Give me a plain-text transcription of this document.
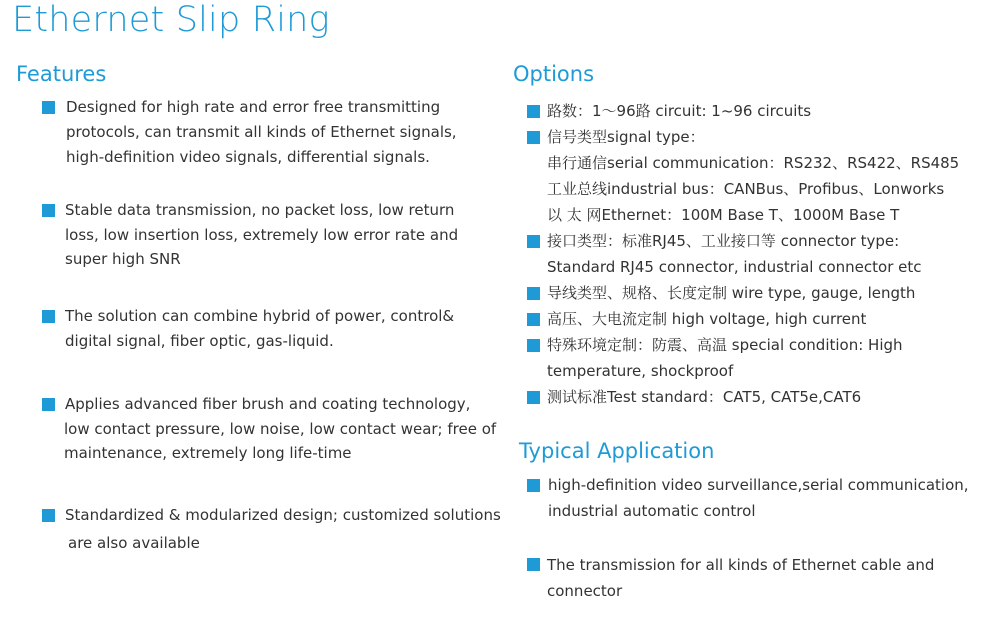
Ethernet Slip Ring
Features
Designed for high rate and error free transmitting
protocols, can transmit all kinds of Ethernet signals,
high-definition video signals, differential signals.
Stable data transmission, no packet loss, low return
loss, low insertion loss, extremely low error rate and
super high SNR
The solution can combine hybrid of power, control&
digital signal, fiber optic, gas-liquid.
Applies advanced fiber brush and coating technology,
low contact pressure, low noise, low contact wear; free of
maintenance, extremely long life-time
Standardized & modularized design; customized solutions
are also available
Options
路数：1～96路 circuit: 1~96 circuits
信号类型signal type：
串行通信serial communication：RS232、RS422、RS485
工业总线industrial bus：CANBus、Profibus、Lonworks
以 太 网Ethernet：100M Base T、1000M Base T
接口类型：标准RJ45、工业接口等 connector type:
Standard RJ45 connector, industrial connector etc
导线类型、规格、长度定制 wire type, gauge, length
高压、大电流定制 high voltage, high current
特殊环境定制：防震、高温 special condition: High
temperature, shockproof
测试标准Test standard：CAT5, CAT5e,CAT6
Typical Application
high-definition video surveillance,serial communication,
industrial automatic control
The transmission for all kinds of Ethernet cable and
connector
